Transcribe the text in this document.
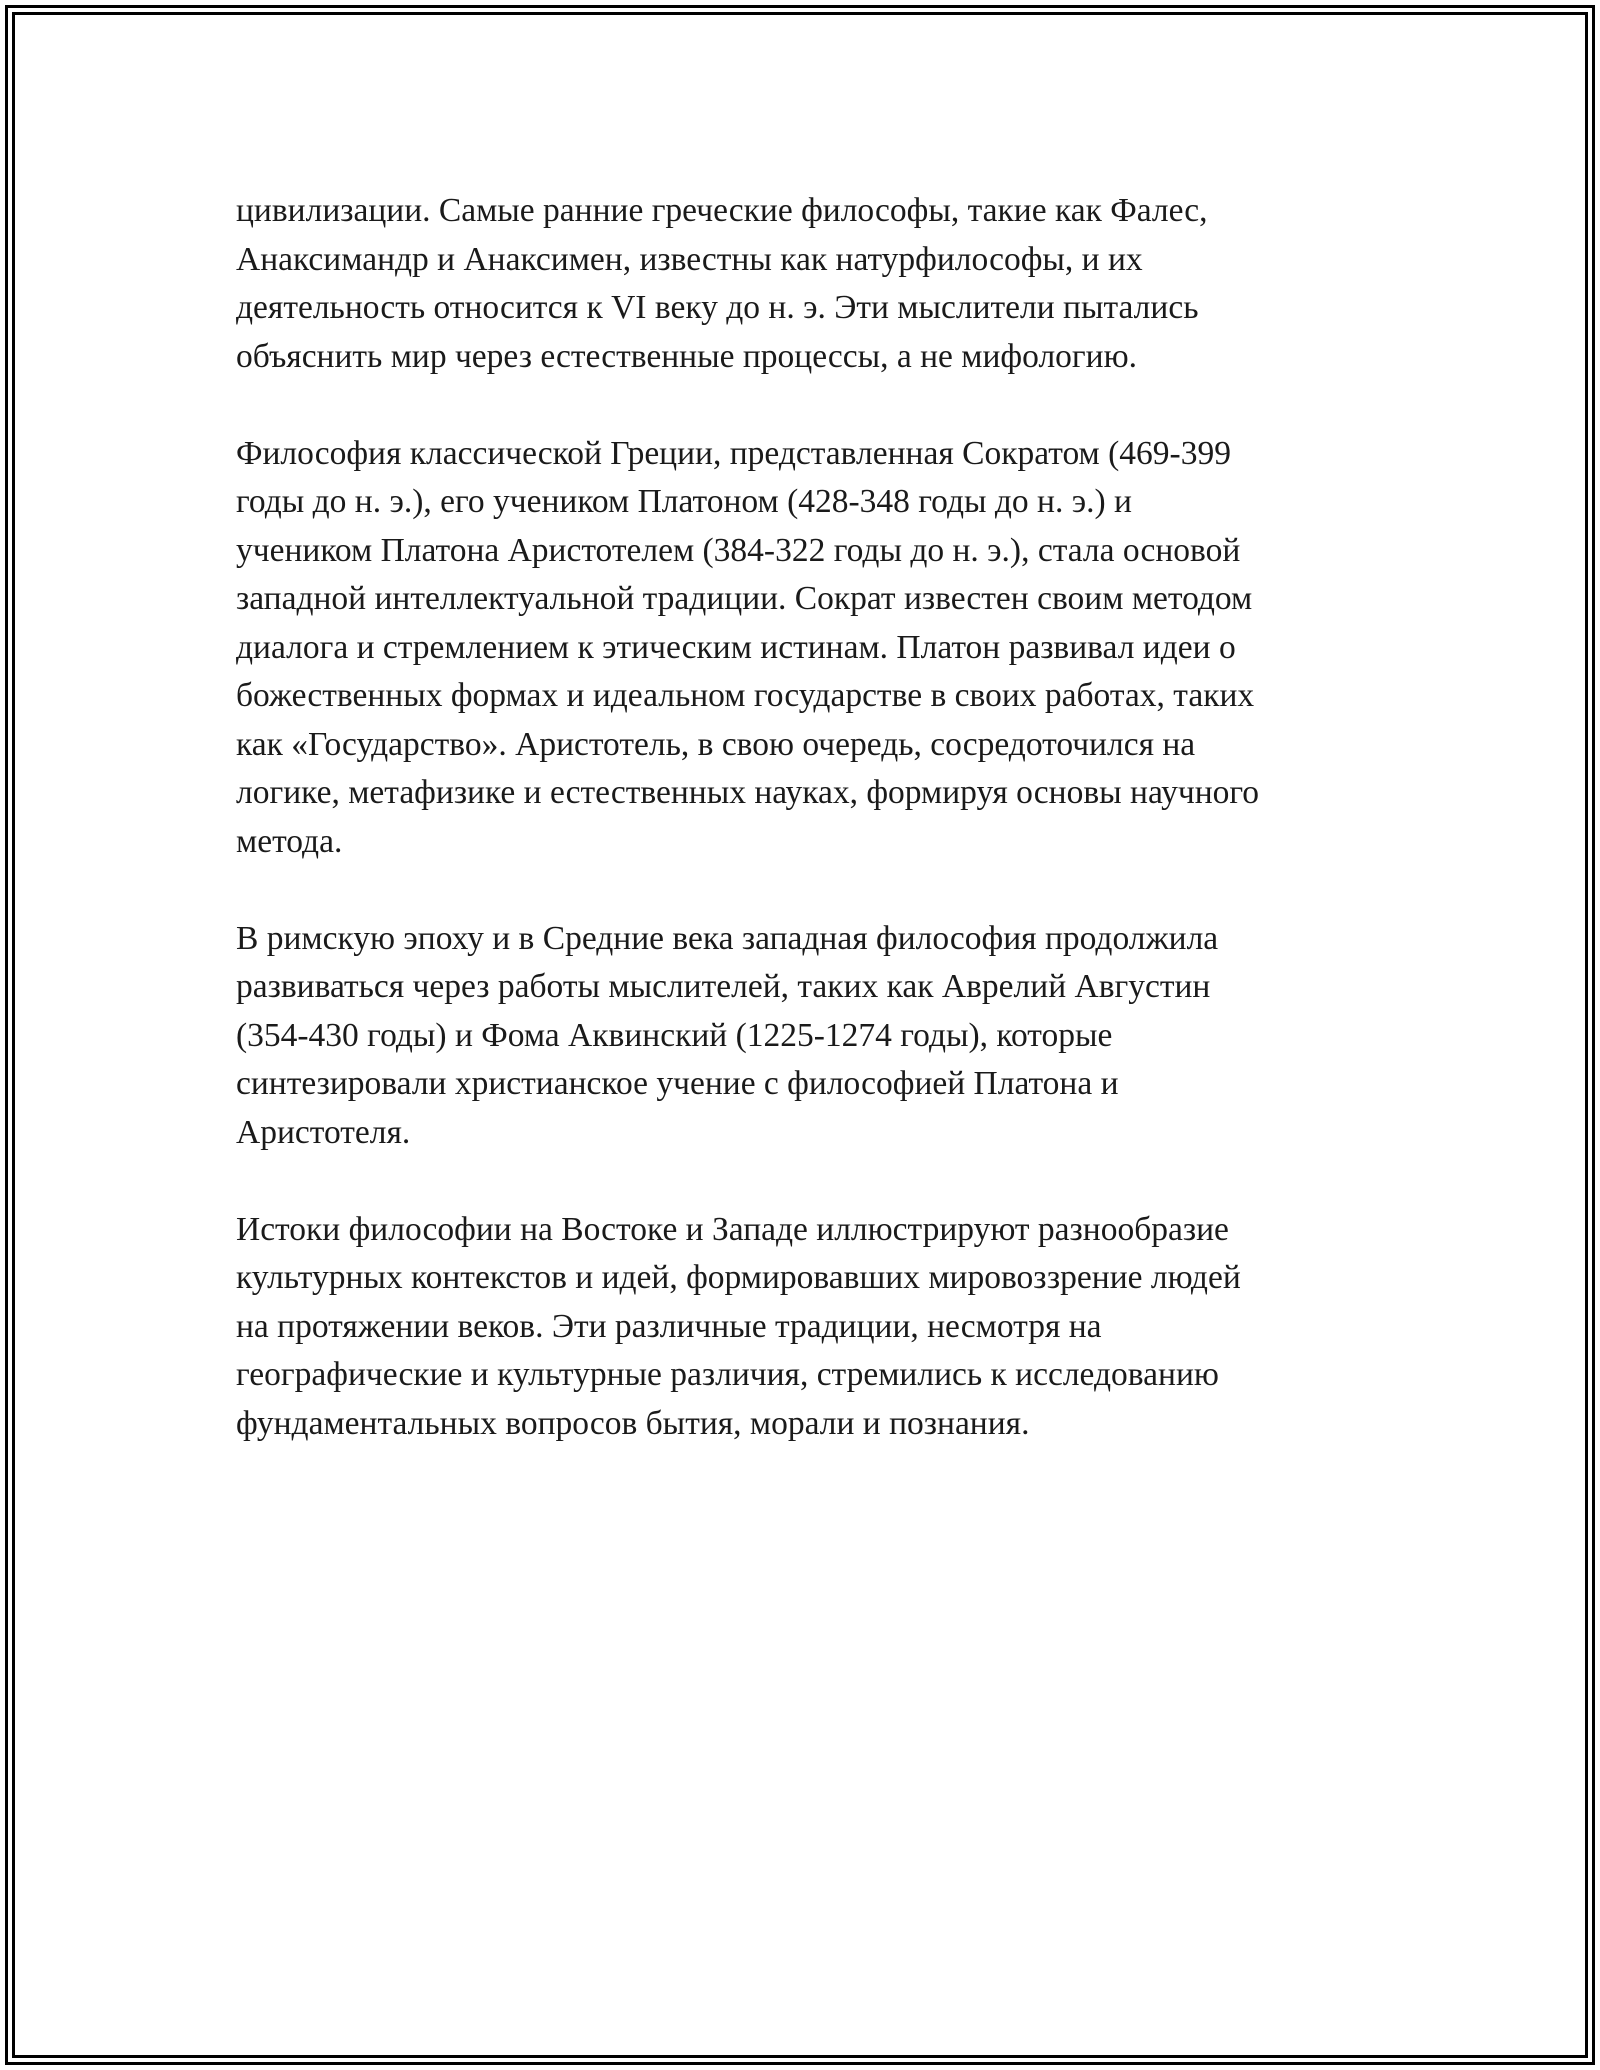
цивилизации. Самые ранние греческие философы, такие как Фалес,
Анаксимандр и Анаксимен, известны как натурфилософы, и их
деятельность относится к VI веку до н. э. Эти мыслители пытались
объяснить мир через естественные процессы, а не мифологию.

Философия классической Греции, представленная Сократом (469-399
годы до н. э.), его учеником Платоном (428-348 годы до н. э.) и
учеником Платона Аристотелем (384-322 годы до н. э.), стала основой
западной интеллектуальной традиции. Сократ известен своим методом
диалога и стремлением к этическим истинам. Платон развивал идеи о
божественных формах и идеальном государстве в своих работах, таких
как «Государство». Аристотель, в свою очередь, сосредоточился на
логике, метафизике и естественных науках, формируя основы научного
метода.

В римскую эпоху и в Средние века западная философия продолжила
развиваться через работы мыслителей, таких как Аврелий Августин
(354-430 годы) и Фома Аквинский (1225-1274 годы), которые
синтезировали христианское учение с философией Платона и
Аристотеля.

Истоки философии на Востоке и Западе иллюстрируют разнообразие
культурных контекстов и идей, формировавших мировоззрение людей
на протяжении веков. Эти различные традиции, несмотря на
географические и культурные различия, стремились к исследованию
фундаментальных вопросов бытия, морали и познания.
